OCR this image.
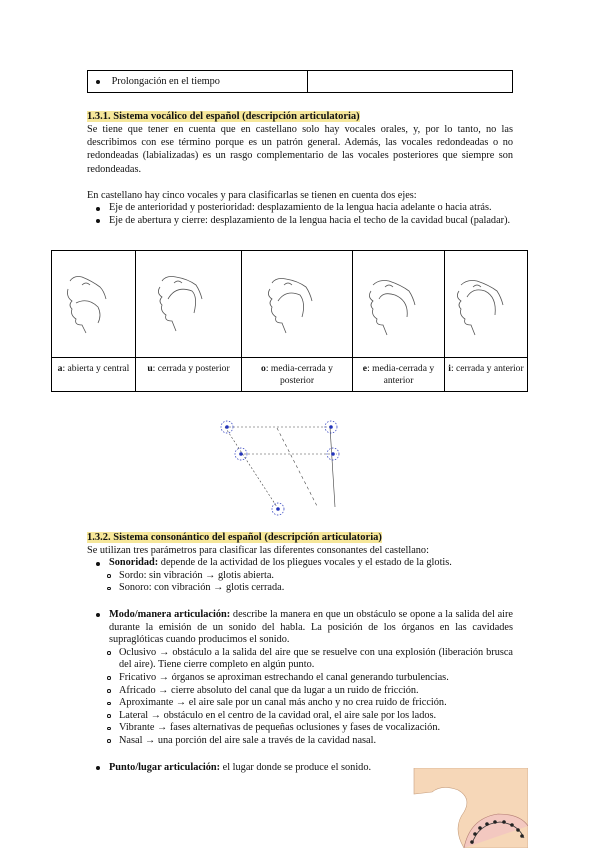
Prolongación en el tiempo
1.3.1. Sistema vocálico del español (descripción articulatoria)

Se tiene que tener en cuenta que en castellano solo hay vocales orales, y, por lo tanto, no las describimos con ese término porque es un patrón general. Además, las vocales redondeadas o no redondeadas (labializadas) es un rasgo complementario de las vocales posteriores que siempre son redondeadas.

En castellano hay cinco vocales y para clasificarlas se tienen en cuenta dos ejes:

Eje de anterioridad y posterioridad: desplazamiento de la lengua hacia adelante o hacia atrás.
Eje de abertura y cierre: desplazamiento de la lengua hacia el techo de la cavidad bucal (paladar).
a: abierta y central	u: cerrada y posterior	o: media-cerrada y posterior
e: media-cerrada y anterior
i: cerrada y anterior
1.3.2. Sistema consonántico del español (descripción articulatoria)

Se utilizan tres parámetros para clasificar las diferentes consonantes del castellano:

Sonoridad: depende de la actividad de los pliegues vocales y el estado de la glotis.
Sordo: sin vibración → glotis abierta.
Sonoro: con vibración → glotis cerrada.
Modo/manera articulación: describe la manera en que un obstáculo se opone a la salida del aire durante la emisión de un sonido del habla. La posición de los órganos en las cavidades supraglóticas cuando producimos el sonido.
Oclusivo → obstáculo a la salida del aire que se resuelve con una explosión (liberación brusca del aire). Tiene cierre completo en algún punto.
Fricativo → órganos se aproximan estrechando el canal generando turbulencias.
Africado → cierre absoluto del canal que da lugar a un ruido de fricción.
Aproximante → el aire sale por un canal más ancho y no crea ruido de fricción.
Lateral → obstáculo en el centro de la cavidad oral, el aire sale por los lados.
Vibrante → fases alternativas de pequeñas oclusiones y fases de vocalización.
Nasal → una porción del aire sale a través de la cavidad nasal.
Punto/lugar articulación: el lugar donde se produce el sonido.
